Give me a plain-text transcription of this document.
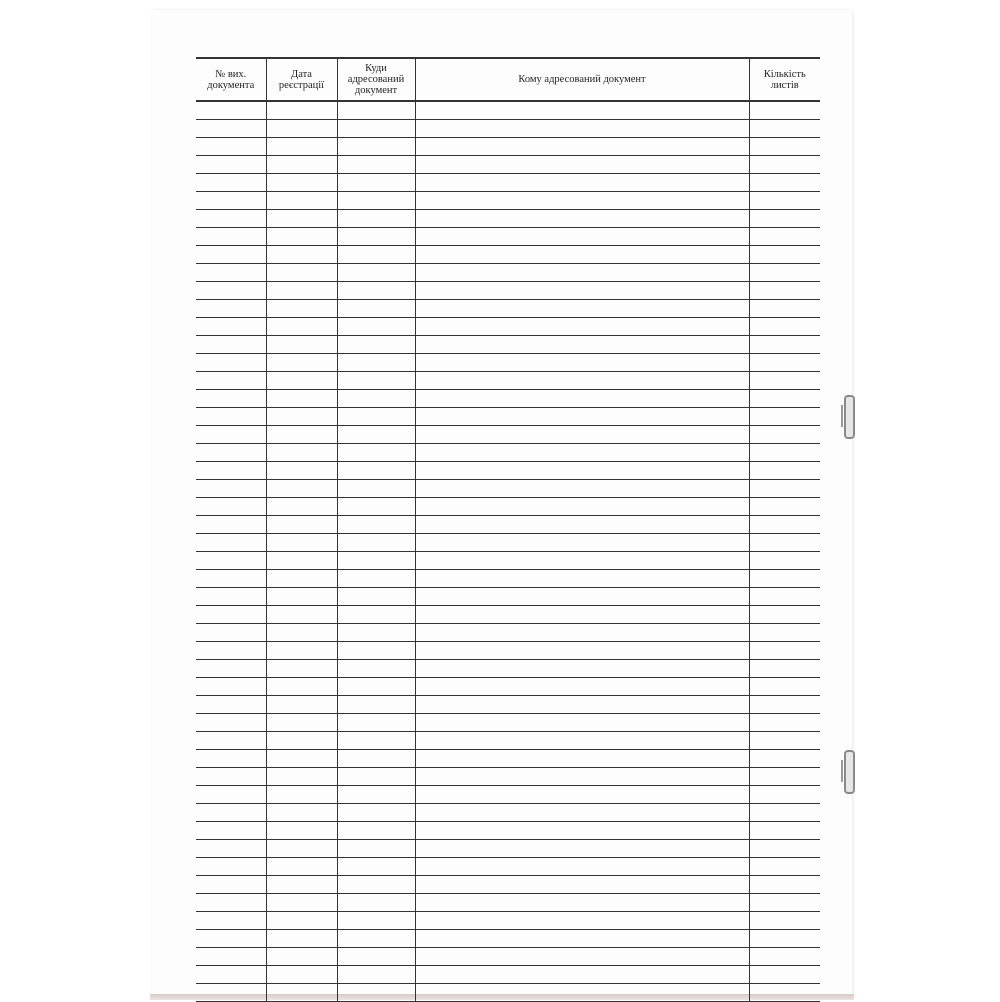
№ вих. документа	Дата реєстрації	Куди адресований документ	Кому адресований документ	Кількість листів
